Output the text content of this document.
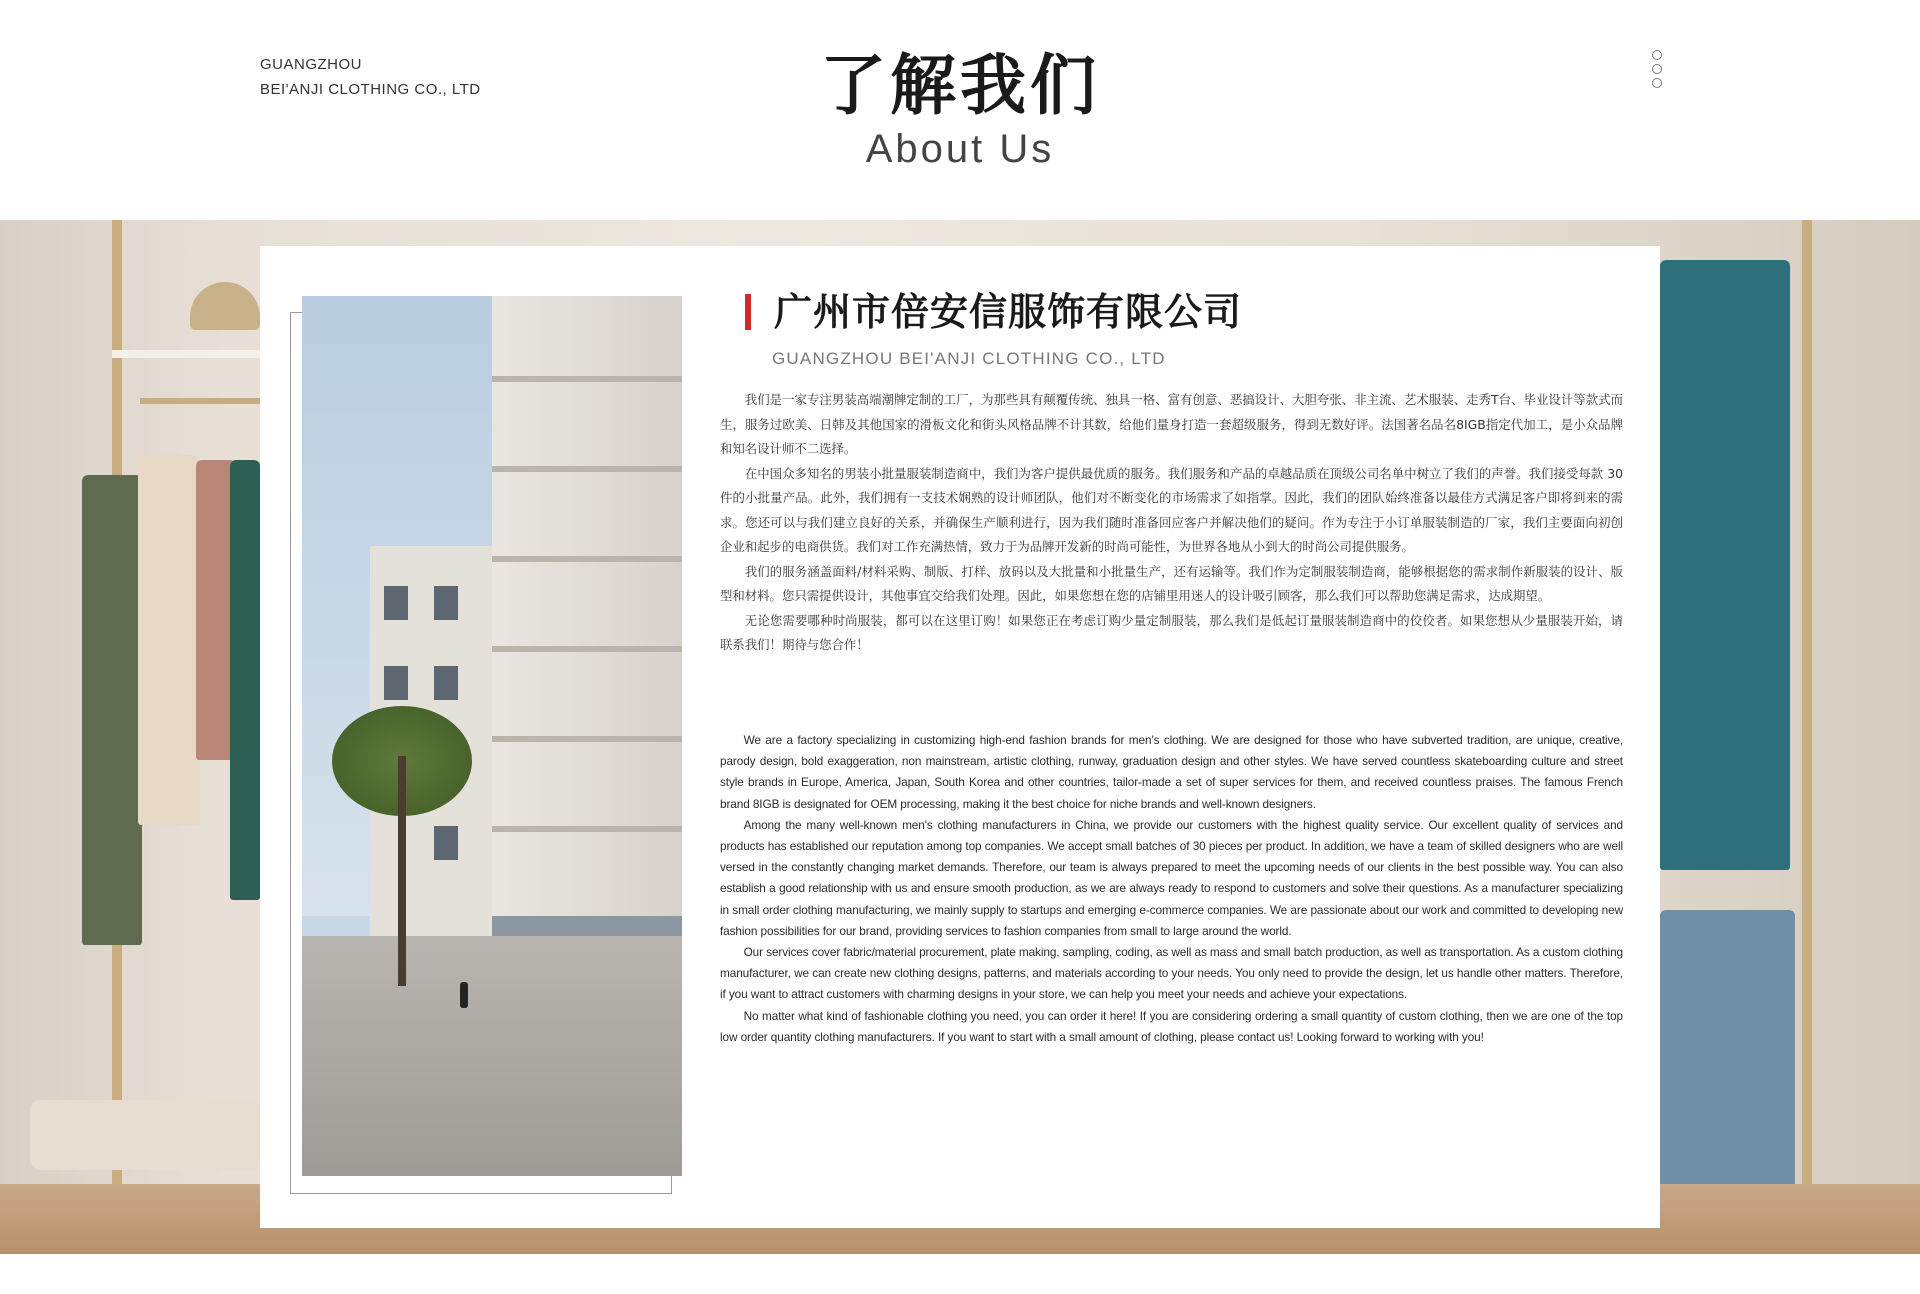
GUANGZHOU
BEI'ANJI CLOTHING CO., LTD	了解我们
About Us
广州市倍安信服饰有限公司
GUANGZHOU BEI'ANJI CLOTHING CO., LTD

我们是一家专注男装高端潮牌定制的工厂，为那些具有颠覆传统、独具一格、富有创意、恶搞设计、大胆夸张、非主流、艺术服装、走秀T台、毕业设计等款式而生，服务过欧美、日韩及其他国家的滑板文化和街头风格品牌不计其数，给他们量身打造一套超级服务，得到无数好评。法国著名品名8IGB指定代加工，是小众品牌和知名设计师不二选择。

在中国众多知名的男装小批量服装制造商中，我们为客户提供最优质的服务。我们服务和产品的卓越品质在顶级公司名单中树立了我们的声誉。我们接受每款 30 件的小批量产品。此外，我们拥有一支技术娴熟的设计师团队，他们对不断变化的市场需求了如指掌。因此，我们的团队始终准备以最佳方式满足客户即将到来的需求。您还可以与我们建立良好的关系，并确保生产顺利进行，因为我们随时准备回应客户并解决他们的疑问。作为专注于小订单服装制造的厂家，我们主要面向初创企业和起步的电商供货。我们对工作充满热情，致力于为品牌开发新的时尚可能性，为世界各地从小到大的时尚公司提供服务。

我们的服务涵盖面料/材料采购、制版、打样、放码以及大批量和小批量生产，还有运输等。我们作为定制服装制造商，能够根据您的需求制作新服装的设计、版型和材料。您只需提供设计，其他事宜交给我们处理。因此，如果您想在您的店铺里用迷人的设计吸引顾客，那么我们可以帮助您满足需求，达成期望。

无论您需要哪种时尚服装，都可以在这里订购！如果您正在考虑订购少量定制服装，那么我们是低起订量服装制造商中的佼佼者。如果您想从少量服装开始，请联系我们！期待与您合作！

We are a factory specializing in customizing high-end fashion brands for men's clothing. We are designed for those who have subverted tradition, are unique, creative, parody design, bold exaggeration, non mainstream, artistic clothing, runway, graduation design and other styles. We have served countless skateboarding culture and street style brands in Europe, America, Japan, South Korea and other countries, tailor-made a set of super services for them, and received countless praises. The famous French brand 8IGB is designated for OEM processing, making it the best choice for niche brands and well-known designers.

Among the many well-known men's clothing manufacturers in China, we provide our customers with the highest quality service. Our excellent quality of services and products has established our reputation among top companies. We accept small batches of 30 pieces per product. In addition, we have a team of skilled designers who are well versed in the constantly changing market demands. Therefore, our team is always prepared to meet the upcoming needs of our clients in the best possible way. You can also establish a good relationship with us and ensure smooth production, as we are always ready to respond to customers and solve their questions. As a manufacturer specializing in small order clothing manufacturing, we mainly supply to startups and emerging e-commerce companies. We are passionate about our work and committed to developing new fashion possibilities for our brand, providing services to fashion companies from small to large around the world.

Our services cover fabric/material procurement, plate making, sampling, coding, as well as mass and small batch production, as well as transportation. As a custom clothing manufacturer, we can create new clothing designs, patterns, and materials according to your needs. You only need to provide the design, let us handle other matters. Therefore, if you want to attract customers with charming designs in your store, we can help you meet your needs and achieve your expectations.

No matter what kind of fashionable clothing you need, you can order it here! If you are considering ordering a small quantity of custom clothing, then we are one of the top low order quantity clothing manufacturers. If you want to start with a small amount of clothing, please contact us! Looking forward to working with you!
